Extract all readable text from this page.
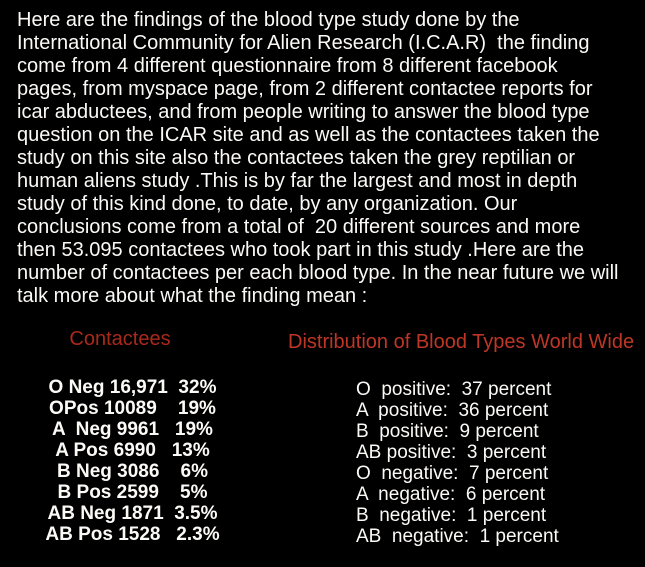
Here are the findings of the blood type study done by the
International Community for Alien Research (I.C.A.R)  the finding
come from 4 different questionnaire from 8 different facebook
pages, from myspace page, from 2 different contactee reports for
icar abductees, and from people writing to answer the blood type
question on the ICAR site and as well as the contactees taken the
study on this site also the contactees taken the grey reptilian or
human aliens study .This is by far the largest and most in depth
study of this kind done, to date, by any organization. Our
conclusions come from a total of  20 different sources and more
then 53.095 contactees who took part in this study .Here are the
number of contactees per each blood type. In the near future we will
talk more about what the finding mean :
Contactees	Distribution of Blood Types World Wide
O Neg 16,971  32%
OPos 10089    19%
A  Neg 9961   19%
A Pos 6990   13%
B Neg 3086    6%
B Pos 2599    5%
AB Neg 1871  3.5%
AB Pos 1528   2.3%
O  positive:  37 percent
A  positive:  36 percent
B  positive:  9 percent
AB positive:  3 percent
O  negative:  7 percent
A  negative:  6 percent
B  negative:  1 percent
AB  negative:  1 percent
